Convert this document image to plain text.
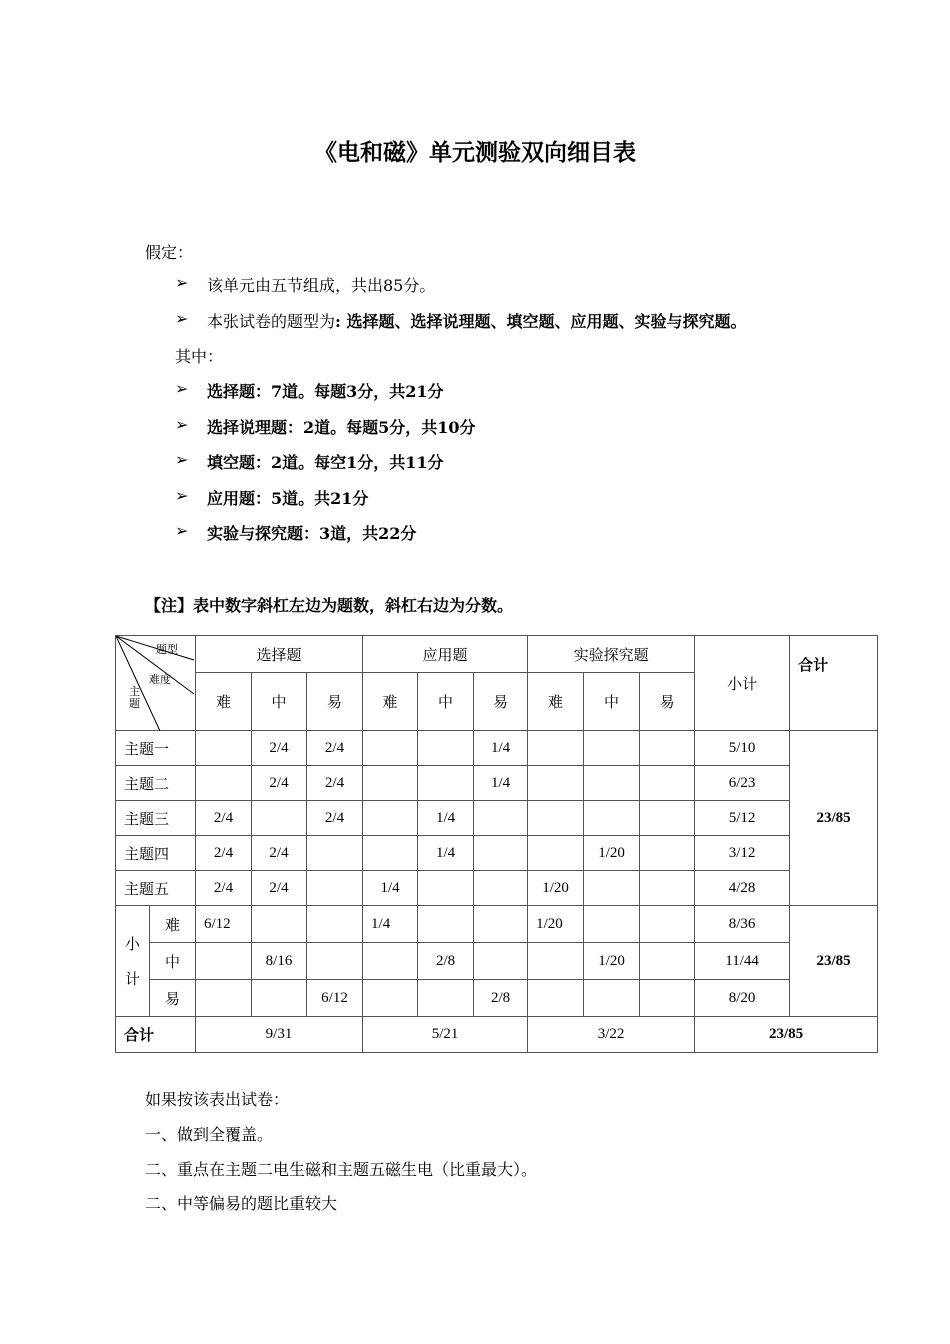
《电和磁》单元测验双向细目表
假定：
➢ 该单元由五节组成，共出85分。
➢ 本张试卷的题型为: 选择题、选择说理题、填空题、应用题、实验与探究题。
其中：
➢ 选择题：7道。每题3分，共21分
➢ 选择说理题：2道。每题5分，共10分
➢ 填空题：2道。每空1分，共11分
➢ 应用题：5道。共21分
➢ 实验与探究题：3道，共22分
【注】表中数字斜杠左边为题数，斜杠右边为分数。
题型
难度
主
题		选择题			应用题			实验探究题			小计	合计
		难	中	易	难	中	易	难	中	易		
主题一			2/4	2/4			1/4				5/10	23/85
主题二			2/4	2/4			1/4				6/23	
主题三		2/4		2/4		1/4					5/12	
主题四		2/4	2/4			1/4			1/20		3/12	
主题五		2/4	2/4		1/4			1/20			4/28	

小
计	难	6/12			1/4			1/20			8/36	23/85
	中		8/16			2/8			1/20		11/44	
	易			6/12			2/8				8/20	
合计		9/31			5/21			3/22			23/85	
如果按该表出试卷：
一、做到全覆盖。
二、重点在主题二电生磁和主题五磁生电（比重最大）。
二、中等偏易的题比重较大
